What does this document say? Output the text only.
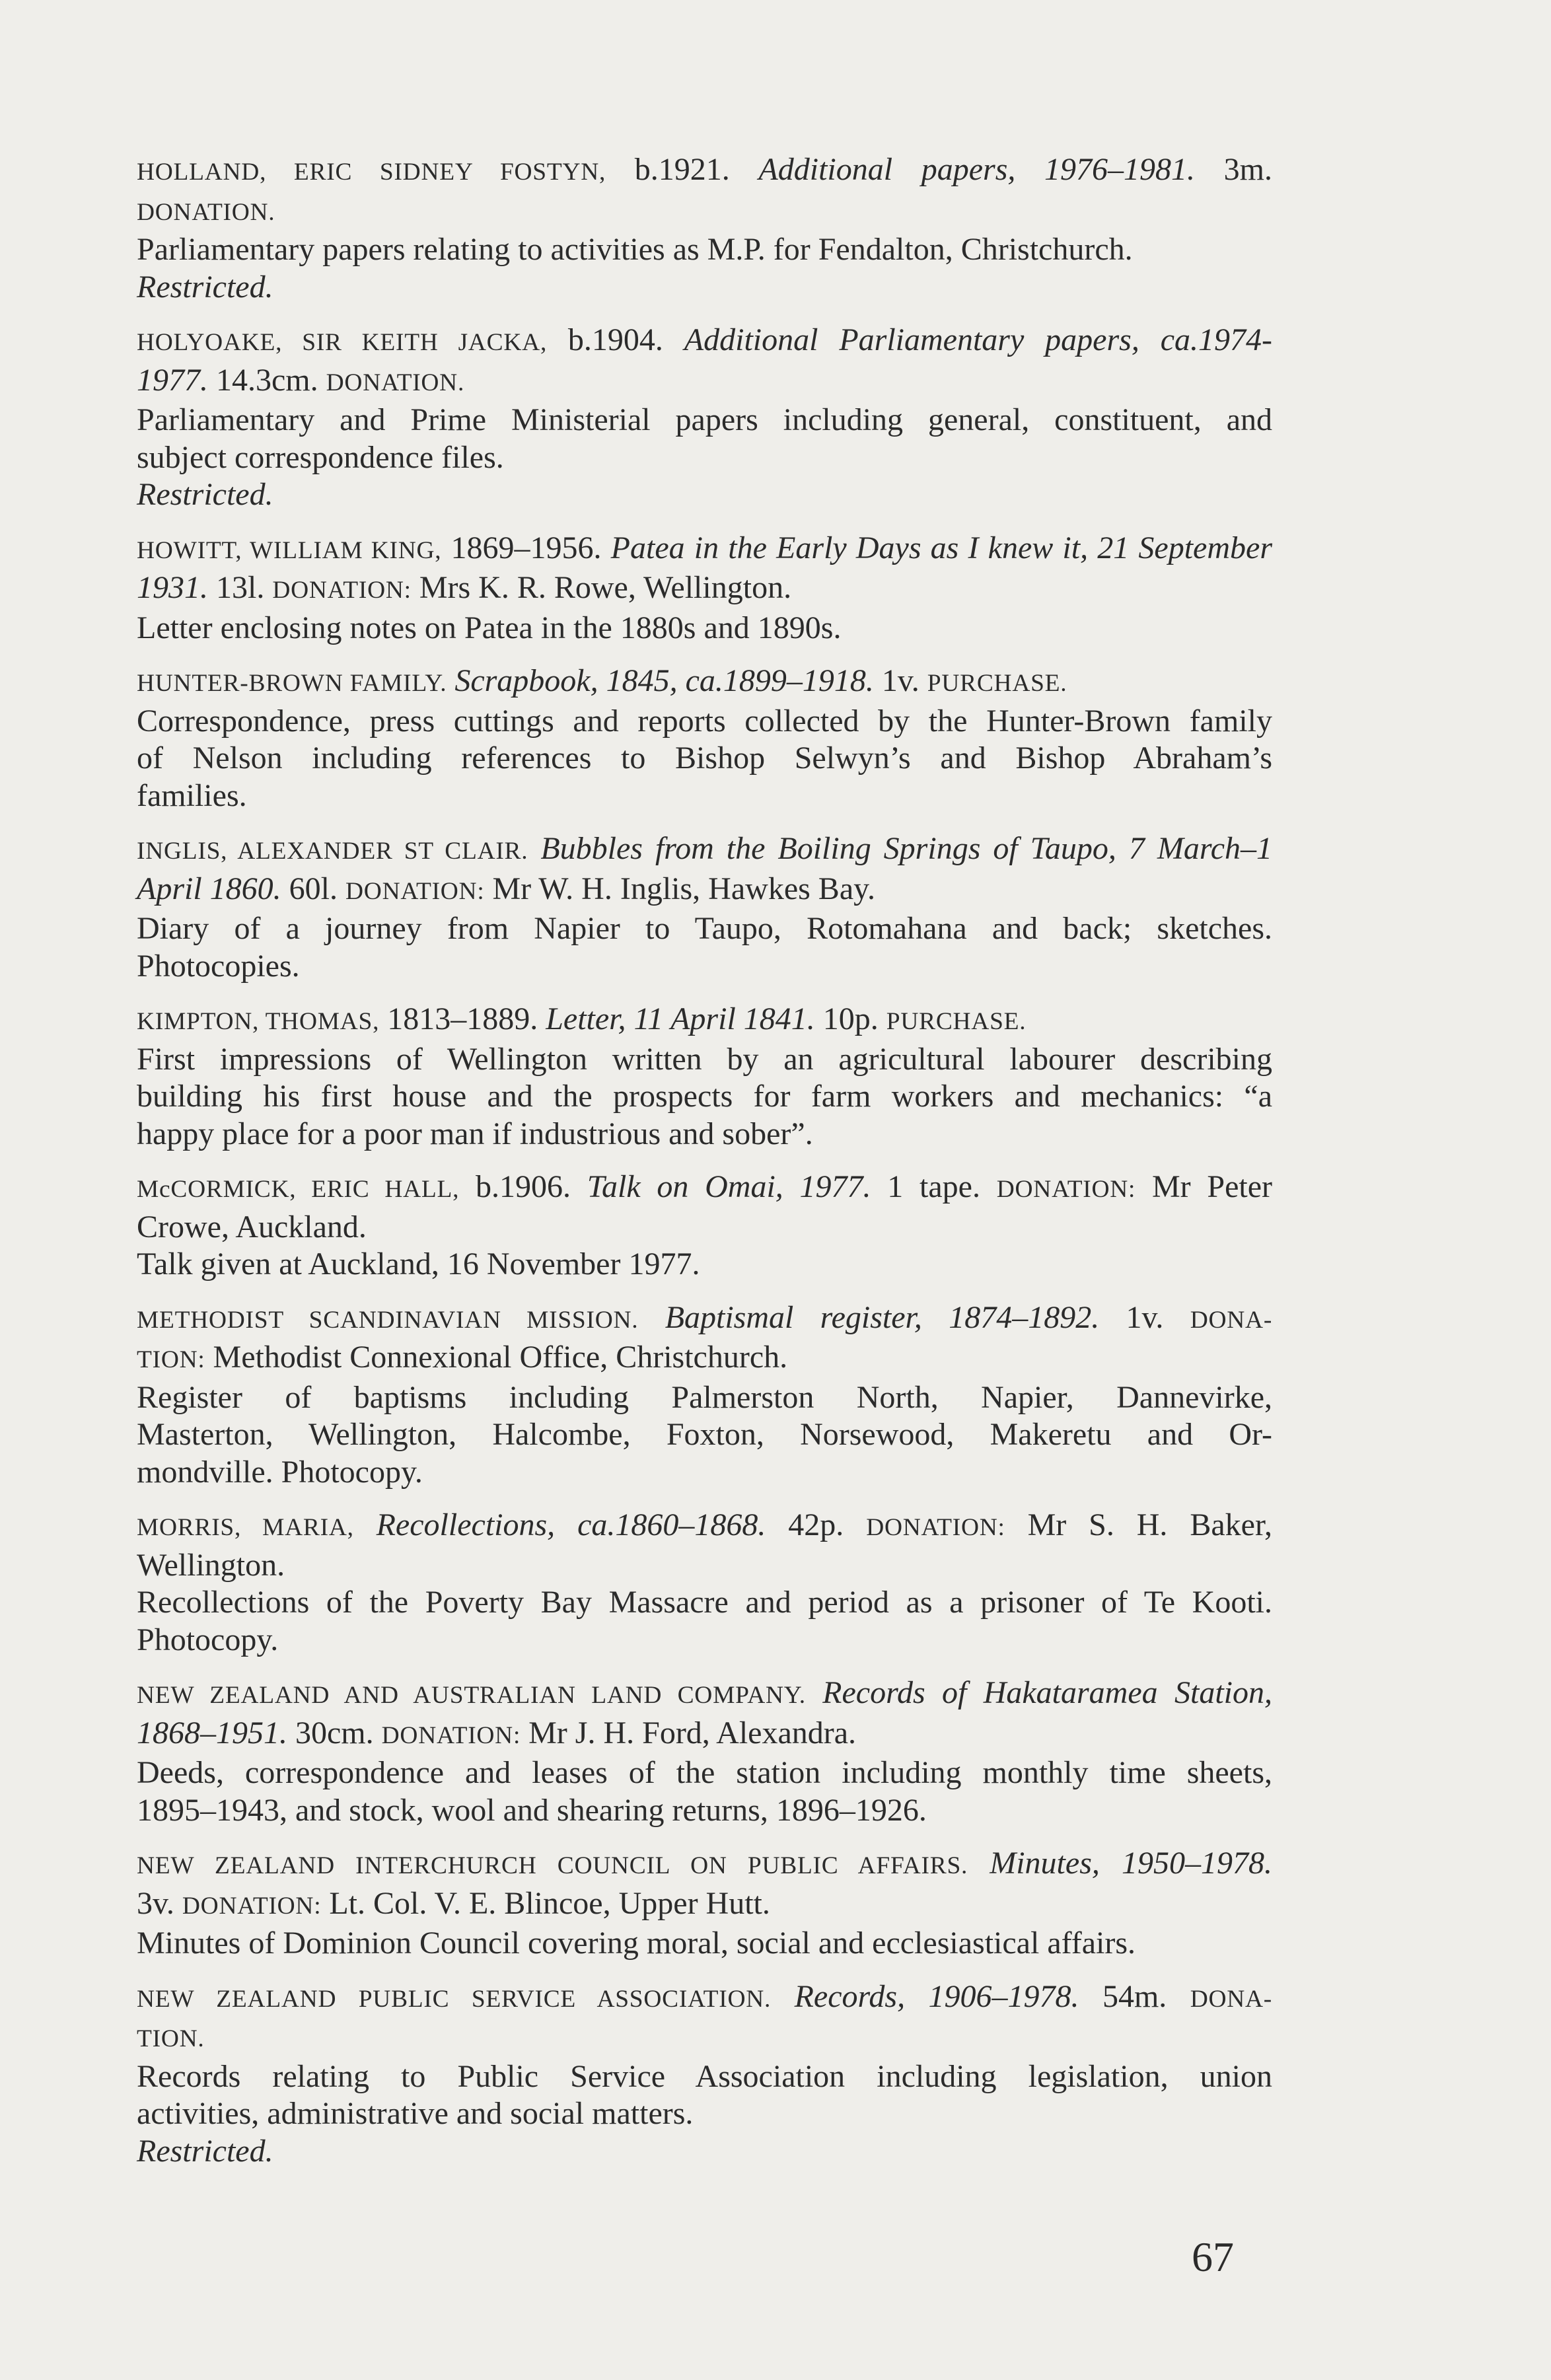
HOLLAND, ERIC SIDNEY FOSTYN, b.1921. Additional papers, 1976–1981. 3m.
DONATION.
Parliamentary papers relating to activities as M.P. for Fendalton, Christchurch.
Restricted.
HOLYOAKE, SIR KEITH JACKA, b.1904. Additional Parliamentary papers, ca.1974-
1977. 14.3cm. DONATION.
Parliamentary and Prime Ministerial papers including general, constituent, and
subject correspondence files.
Restricted.
HOWITT, WILLIAM KING, 1869–1956. Patea in the Early Days as I knew it, 21 September
1931. 13l. DONATION: Mrs K. R. Rowe, Wellington.
Letter enclosing notes on Patea in the 1880s and 1890s.
HUNTER-BROWN FAMILY. Scrapbook, 1845, ca.1899–1918. 1v. PURCHASE.
Correspondence, press cuttings and reports collected by the Hunter-Brown family
of Nelson including references to Bishop Selwyn’s and Bishop Abraham’s
families.
INGLIS, ALEXANDER ST CLAIR. Bubbles from the Boiling Springs of Taupo, 7 March–1
April 1860. 60l. DONATION: Mr W. H. Inglis, Hawkes Bay.
Diary of a journey from Napier to Taupo, Rotomahana and back; sketches.
Photocopies.
KIMPTON, THOMAS, 1813–1889. Letter, 11 April 1841. 10p. PURCHASE.
First impressions of Wellington written by an agricultural labourer describing
building his first house and the prospects for farm workers and mechanics: “a
happy place for a poor man if industrious and sober”.
McCORMICK, ERIC HALL, b.1906. Talk on Omai, 1977. 1 tape. DONATION: Mr Peter
Crowe, Auckland.
Talk given at Auckland, 16 November 1977.
METHODIST SCANDINAVIAN MISSION. Baptismal register, 1874–1892. 1v. DONA-
TION: Methodist Connexional Office, Christchurch.
Register of baptisms including Palmerston North, Napier, Dannevirke,
Masterton, Wellington, Halcombe, Foxton, Norsewood, Makeretu and Or-
mondville. Photocopy.
MORRIS, MARIA, Recollections, ca.1860–1868. 42p. DONATION: Mr S. H. Baker,
Wellington.
Recollections of the Poverty Bay Massacre and period as a prisoner of Te Kooti.
Photocopy.
NEW ZEALAND AND AUSTRALIAN LAND COMPANY. Records of Hakataramea Station,
1868–1951. 30cm. DONATION: Mr J. H. Ford, Alexandra.
Deeds, correspondence and leases of the station including monthly time sheets,
1895–1943, and stock, wool and shearing returns, 1896–1926.
NEW ZEALAND INTERCHURCH COUNCIL ON PUBLIC AFFAIRS. Minutes, 1950–1978.
3v. DONATION: Lt. Col. V. E. Blincoe, Upper Hutt.
Minutes of Dominion Council covering moral, social and ecclesiastical affairs.
NEW ZEALAND PUBLIC SERVICE ASSOCIATION. Records, 1906–1978. 54m. DONA-
TION.
Records relating to Public Service Association including legislation, union
activities, administrative and social matters.
Restricted.
67
